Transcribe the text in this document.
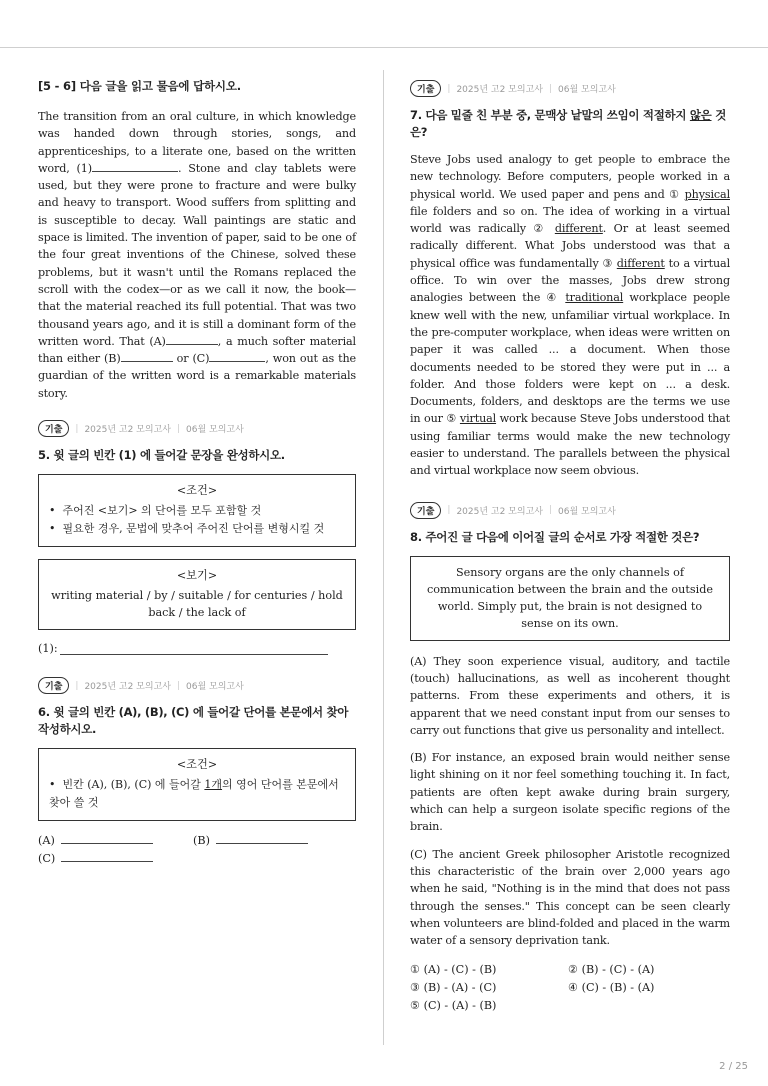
[5 - 6] 다음 글을 읽고 물음에 답하시오.

The transition from an oral culture, in which knowledge was handed down through stories, songs, and apprenticeships, to a literate one, based on the written word, (1)	. Stone and clay tablets were used, but they were prone to fracture and were bulky and heavy to transport. Wood suffers from splitting and is susceptible to decay. Wall paintings are static and space is limited. The invention of paper, said to be one of the four great inventions of the Chinese, solved these problems, but it wasn't until the Romans replaced the scroll with the codex—or as we call it now, the book—that the material reached its full potential. That was two thousand years ago, and it is still a dominant form of the written word. That (A)	, a much softer material than either (B)	or (C)	, won out as the guardian of the written word is a remarkable materials story.

기출	| 2025년 고2 모의고사 | 06월 모의고사
5. 윗 글의 빈칸 (1) 에 들어갈 문장을 완성하시오.
<조건>
• 주어진 <보기> 의 단어를 모두 포함할 것
• 필요한 경우, 문법에 맞추어 주어진 단어를 변형시킬 것
<보기>
writing material / by / suitable / for centuries / hold back / the lack of
(1):
기출	| 2025년 고2 모의고사 | 06월 모의고사
6. 윗 글의 빈칸 (A), (B), (C) 에 들어갈 단어를 본문에서 찾아 작성하시오.
<조건>
• 빈칸 (A), (B), (C) 에 들어갈 1개의 영어 단어를 본문에서 찾아 쓸 것
(A)	(B)
(C)
기출	| 2025년 고2 모의고사 | 06월 모의고사
7. 다음 밑줄 친 부분 중, 문맥상 낱말의 쓰임이 적절하지 않은 것은?

Steve Jobs used analogy to get people to embrace the new technology. Before computers, people worked in a physical world. We used paper and pens and ① physical file folders and so on. The idea of working in a virtual world was radically ② different. Or at least seemed radically different. What Jobs understood was that a physical office was fundamentally ③ different to a virtual office. To win over the masses, Jobs drew strong analogies between the ④ traditional workplace people knew well with the new, unfamiliar virtual workplace. In the pre-computer workplace, when ideas were written on paper it was called ... a document. When those documents needed to be stored they were put in ... a folder. And those folders were kept on ... a desk. Documents, folders, and desktops are the terms we use in our ⑤ virtual work because Steve Jobs understood that using familiar terms would make the new technology easier to understand. The parallels between the physical and virtual workplace now seem obvious.

기출	| 2025년 고2 모의고사 | 06월 모의고사
8. 주어진 글 다음에 이어질 글의 순서로 가장 적절한 것은?
Sensory organs are the only channels of communication between the brain and the outside world. Simply put, the brain is not designed to sense on its own.

(A) They soon experience visual, auditory, and tactile (touch) hallucinations, as well as incoherent thought patterns. From these experiments and others, it is apparent that we need constant input from our senses to carry out functions that give us personality and intellect.

(B) For instance, an exposed brain would neither sense light shining on it nor feel something touching it. In fact, patients are often kept awake during brain surgery, which can help a surgeon isolate specific regions of the brain.

(C) The ancient Greek philosopher Aristotle recognized this characteristic of the brain over 2,000 years ago when he said, "Nothing is in the mind that does not pass through the senses." This concept can be seen clearly when volunteers are blind-folded and placed in the warm water of a sensory deprivation tank.

① (A) - (C) - (B)	② (B) - (C) - (A)
③ (B) - (A) - (C)	④ (C) - (B) - (A)
⑤ (C) - (A) - (B)
2 / 25
